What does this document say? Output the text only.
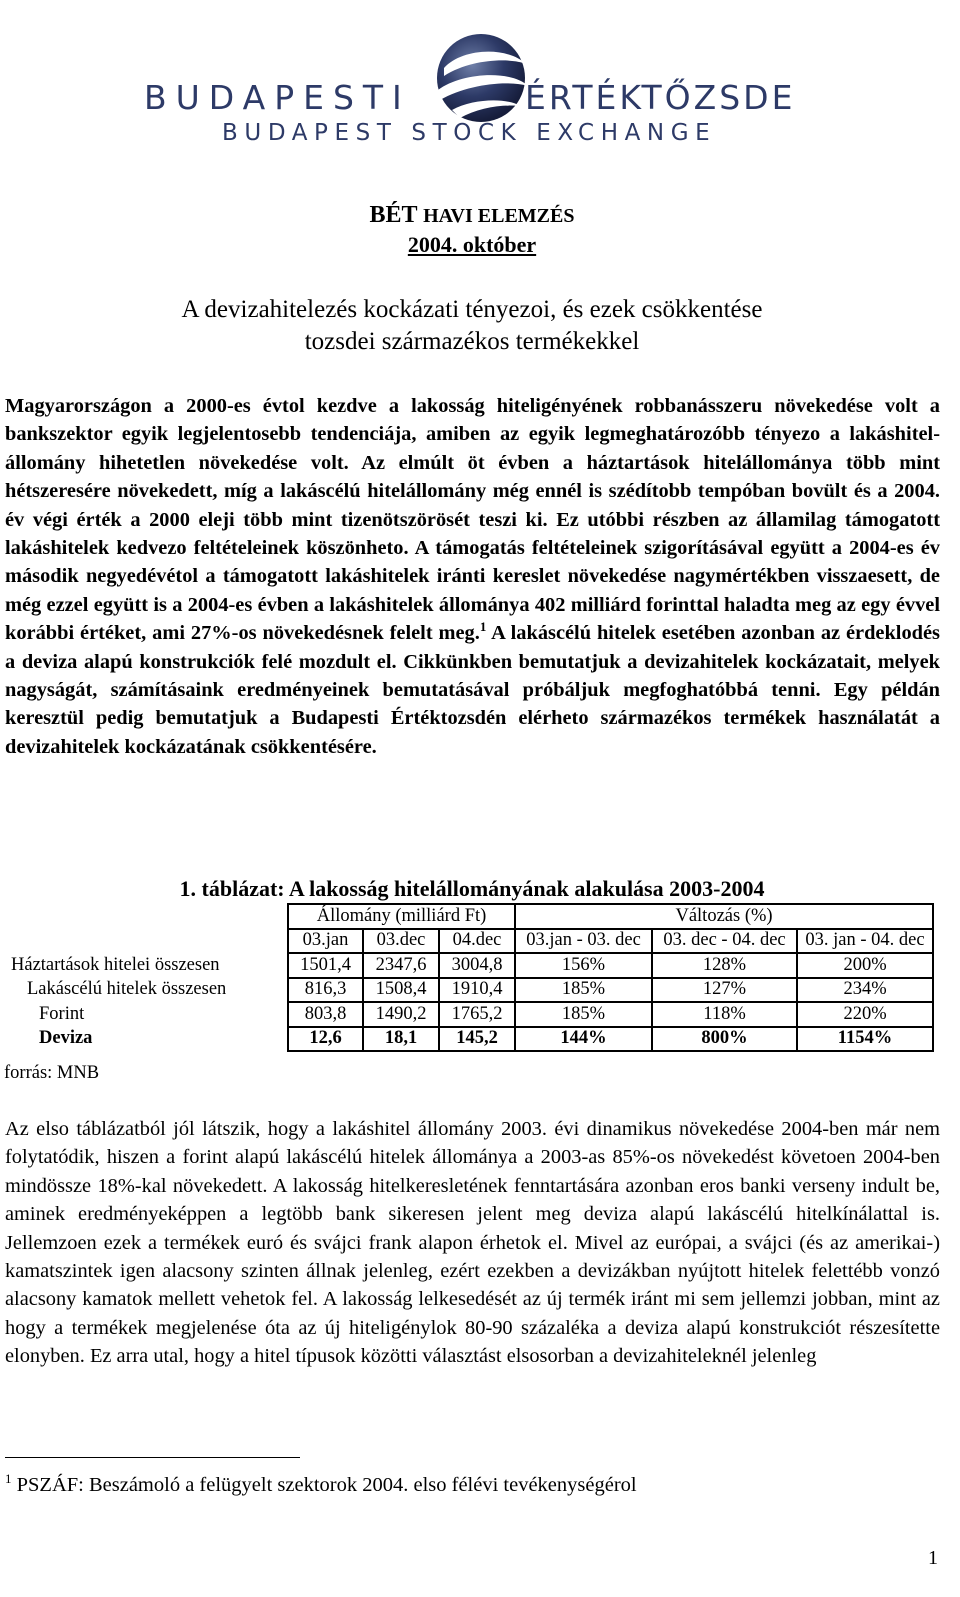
BUDAPESTI	ÉRTÉKTŐZSDE
BUDAPEST STOCK EXCHANGE
BÉT HAVI ELEMZÉS
2004. október
A devizahitelezés kockázati tényezoi, és ezek csökkentése
tozsdei származékos termékekkel

Magyarországon a 2000-es évtol kezdve a lakosság hiteligényének robbanásszeru növekedése volt a bankszektor egyik legjelentosebb tendenciája, amiben az egyik legmeghatározóbb tényezo a lakáshitel-állomány hihetetlen növekedése volt. Az elmúlt öt évben a háztartások hitelállománya több mint hétszeresére növekedett, míg a lakáscélú hitelállomány még ennél is szédítobb tempóban bovült és a 2004. év végi érték a 2000 eleji több mint tizenötszörösét teszi ki. Ez utóbbi részben az államilag támogatott lakáshitelek kedvezo feltételeinek köszönheto. A támogatás feltételeinek szigorításával együtt a 2004-es év második negyedévétol a támogatott lakáshitelek iránti kereslet növekedése nagymértékben visszaesett, de még ezzel együtt is a 2004-es évben a lakáshitelek állománya 402 milliárd forinttal haladta meg az egy évvel korábbi értéket, ami 27%-os növekedésnek felelt meg.$^1$ A lakáscélú hitelek esetében azonban az érdeklodés a deviza alapú konstrukciók felé mozdult el. Cikkünkben bemutatjuk a devizahitelek kockázatait, melyek nagyságát, számításaink eredményeinek bemutatásával próbáljuk megfoghatóbbá tenni. Egy példán keresztül pedig bemutatjuk a Budapesti Értéktozsdén elérheto származékos termékek használatát a devizahitelek kockázatának csökkentésére.

1. táblázat: A lakosság hitelállományának alakulása 2003-2004
	Állomány (milliárd Ft)			Változás (%)		
	03.jan	03.dec	04.dec	03.jan - 03. dec	03. dec - 04. dec	03. jan - 04. dec
Háztartások hitelei összesen	1501,4	2347,6	3004,8	156%	128%	200%
Lakáscélú hitelek összesen	816,3	1508,4	1910,4	185%	127%	234%
Forint	803,8	1490,2	1765,2	185%	118%	220%
Deviza	12,6	18,1	145,2	144%	800%	1154%
forrás: MNB

Az elso táblázatból jól látszik, hogy a lakáshitel állomány 2003. évi dinamikus növekedése 2004-ben már nem folytatódik, hiszen a forint alapú lakáscélú hitelek állománya a 2003-as 85%-os növekedést követoen 2004-ben mindössze 18%-kal növekedett. A lakosság hitelkeresletének fenntartására azonban eros banki verseny indult be, aminek eredményeképpen a legtöbb bank sikeresen jelent meg deviza alapú lakáscélú hitelkínálattal is. Jellemzoen ezek a termékek euró és svájci frank alapon érhetok el. Mivel az európai, a svájci (és az amerikai-) kamatszintek igen alacsony szinten állnak jelenleg, ezért ezekben a devizákban nyújtott hitelek felettébb vonzó alacsony kamatok mellett vehetok fel. A lakosság lelkesedését az új termék iránt mi sem jellemzi jobban, mint az hogy a termékek megjelenése óta az új hiteligénylok 80-90 százaléka a deviza alapú konstrukciót részesítette elonyben. Ez arra utal, hogy a hitel típusok közötti választást elsosorban a devizahiteleknél jelenleg

$^1$ PSZÁF: Beszámoló a felügyelt szektorok 2004. elso félévi tevékenységérol
1
